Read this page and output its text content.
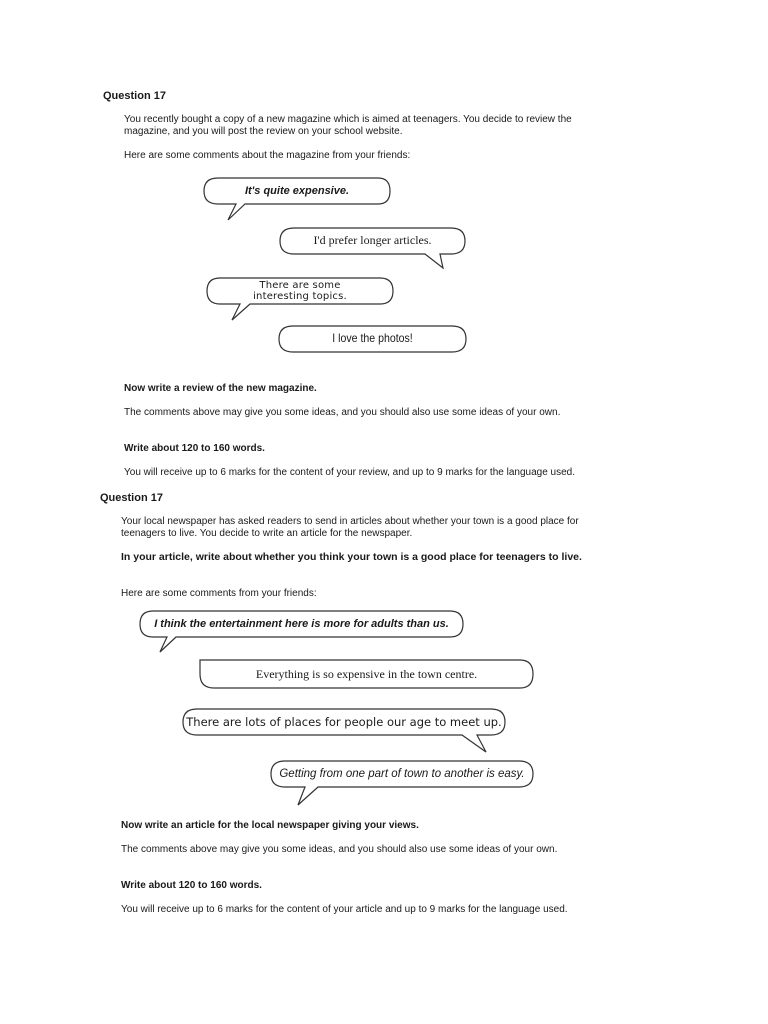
Question 17
You recently bought a copy of a new magazine which is aimed at teenagers. You decide to review the magazine, and you will post the review on your school website.
Here are some comments about the magazine from your friends:
It's quite expensive.
I'd prefer longer articles.
There are some interesting topics.
I love the photos!
Now write a review of the new magazine.
The comments above may give you some ideas, and you should also use some ideas of your own.
Write about 120 to 160 words.
You will receive up to 6 marks for the content of your review, and up to 9 marks for the language used.
Question 17
Your local newspaper has asked readers to send in articles about whether your town is a good place for teenagers to live. You decide to write an article for the newspaper.
In your article, write about whether you think your town is a good place for teenagers to live.
Here are some comments from your friends:
I think the entertainment here is more for adults than us.
Everything is so expensive in the town centre.
There are lots of places for people our age to meet up.
Getting from one part of town to another is easy.
Now write an article for the local newspaper giving your views.
The comments above may give you some ideas, and you should also use some ideas of your own.
Write about 120 to 160 words.
You will receive up to 6 marks for the content of your article and up to 9 marks for the language used.
